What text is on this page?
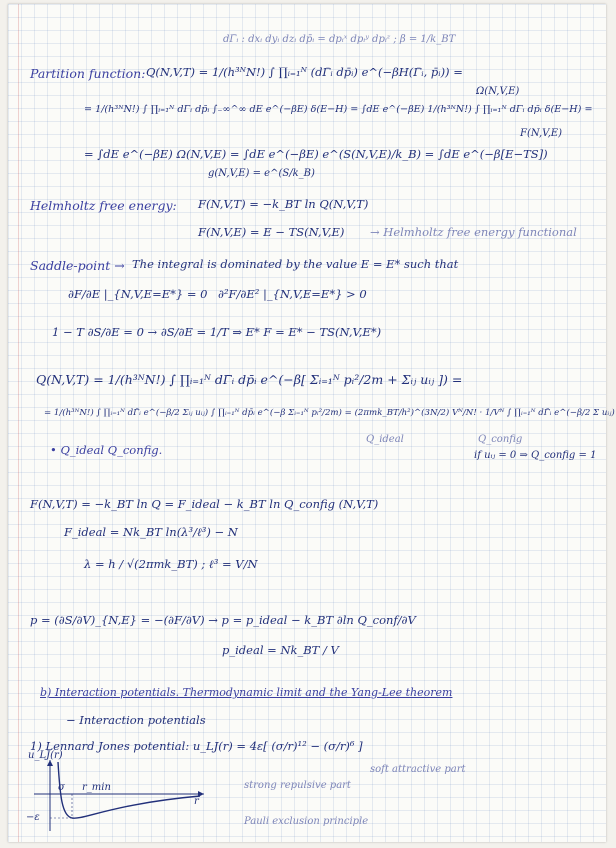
dΓ̄ᵢ : dxᵢ dyᵢ dzᵢ dp̄ᵢ = dpᵢˣ dpᵢʸ dpᵢᶻ ; β = 1/k_BT
Partition function: Q(N,V,T) = 1/(h³ᴺN!) ∫ ∏ᵢ₌₁ᴺ (dΓ̄ᵢ dp̄ᵢ) e^(−βH(Γ̄ᵢ, p̄ᵢ)) =
Ω(N,V,E)
= 1/(h³ᴺN!) ∫ ∏ᵢ₌₁ᴺ dΓ̄ᵢ dp̄ᵢ ∫₋∞^∞ dE e^(−βE) δ(E−H) = ∫dE e^(−βE) 1/(h³ᴺN!) ∫ ∏ᵢ₌₁ᴺ dΓ̄ᵢ dp̄ᵢ δ(E−H) =
F(N,V,E)
= ∫dE e^(−βE) Ω(N,V,E) = ∫dE e^(−βE) e^(S(N,V,E)/k_B) = ∫dE e^(−β[E−TS])
g(N,V,E) = e^(S/k_B)
Helmholtz free energy: F(N,V,T) = −k_BT ln Q(N,V,T)
F(N,V,E) = E − TS(N,V,E) → Helmholtz free energy functional
Saddle-point → The integral is dominated by the value E = E* such that
∂F/∂E |_{N,V,E=E*} = 0 ∂²F/∂E² |_{N,V,E=E*} > 0
1 − T ∂S/∂E = 0 → ∂S/∂E = 1/T ⇒ E* F = E* − TS(N,V,E*)
Q(N,V,T) = 1/(h³ᴺN!) ∫ ∏ᵢ₌₁ᴺ dΓ̄ᵢ dp̄ᵢ e^(−β[ Σᵢ₌₁ᴺ pᵢ²/2m + Σᵢⱼ uᵢⱼ ]) =
= 1/(h³ᴺN!) ∫ ∏ᵢ₌₁ᴺ dΓ̄ᵢ e^(−β/2 Σᵢⱼ uᵢⱼ) ∫ ∏ᵢ₌₁ᴺ dp̄ᵢ e^(−β Σᵢ₌₁ᴺ pᵢ²/2m) = (2πmk_BT/h²)^(3N/2) Vᴺ/N! · 1/Vᴺ ∫ ∏ᵢ₌₁ᴺ dΓ̄ᵢ e^(−β/2 Σ uᵢⱼ)
Q_ideal	Q_config
if uᵢⱼ = 0 ⇒ Q_config = 1
• Q_ideal Q_config.
F(N,V,T) = −k_BT ln Q = F_ideal − k_BT ln Q_config (N,V,T)
F_ideal = Nk_BT ln(λ³/ℓ³) − N
λ = h / √(2πmk_BT) ; ℓ³ = V/N
p = (∂S/∂V)_{N,E} = −(∂F/∂V) → p = p_ideal − k_BT ∂ln Q_conf/∂V
p_ideal = Nk_BT / V
b) Interaction potentials. Thermodynamic limit and the Yang-Lee theorem
− Interaction potentials
1) Lennard Jones potential: u_LJ(r) = 4ε[ (σ/r)¹² − (σ/r)⁶ ]
u_LJ(r)
r
−ε
σ r_min	strong repulsive part
soft attractive part
Pauli exclusion principle
